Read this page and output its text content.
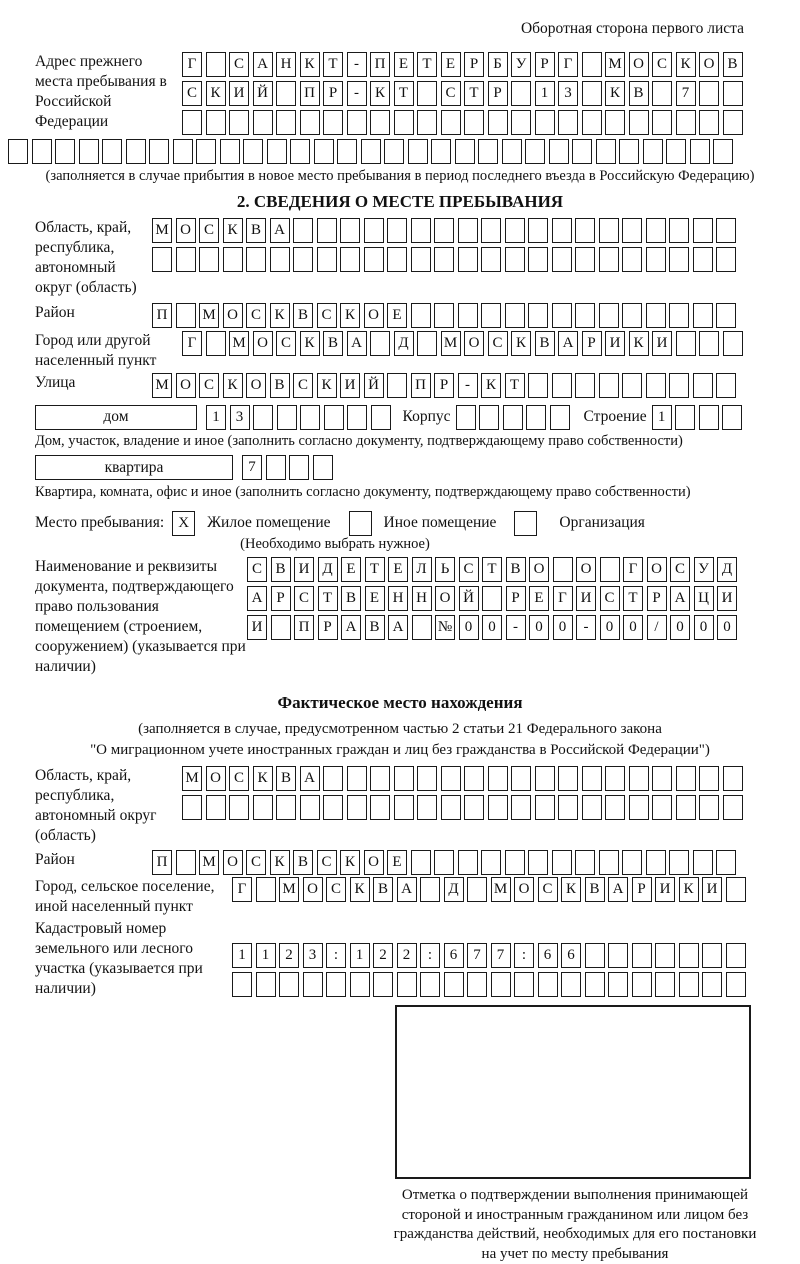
Оборотная сторона первого листа
Адрес прежнего места пребывания в Российской Федерации
Г	С А Н К Т	-	П Е Т Е Р	Б У Р Г	М О С К О В
С К И Й	П Р	-	К Т	С Т Р	1	3	К В	7
(заполняется в случае прибытия в новое место пребывания в период последнего въезда в Российскую Федерацию)
2. СВЕДЕНИЯ О МЕСТЕ ПРЕБЫВАНИЯ
Область, край, республика, автономный округ (область)
М О С К В А
Район	П	М О С К В С К О Е
Город или другой населенный пункт
Г	М О С К В А	Д	М О С К В А Р И К И
Улица	М О С К О В С К И Й	П Р	-	К Т
дом	1	3	Корпус	Строение 1
Дом, участок, владение и иное (заполнить согласно документу, подтверждающему право собственности)
квартира	7
Квартира, комната, офис и иное (заполнить согласно документу, подтверждающему право собственности)
Место пребывания: X	Жилое помещение	Иное помещение	Организация
(Необходимо выбрать нужное)
Наименование и реквизиты документа, подтверждающего право пользования помещением (строением, сооружением) (указывается при наличии)
С В И Д Е Т Е Л Ь С Т В О	О	Г О С У Д
А Р С Т В Е Н Н О Й	Р Е Г И С Т Р А Ц И
И	П Р А В А	№ 0	0	-	0	0	-	0	0	/	0	0	0
Фактическое место нахождения
(заполняется в случае, предусмотренном частью 2 статьи 21 Федерального закона
"О миграционном учете иностранных граждан и лиц без гражданства в Российской Федерации")
Область, край, республика, автономный округ (область)
М О С К В А
Район	П	М О С К В С К О Е
Город, сельское поселение, иной населенный пункт
Г	М О С К В А	Д	М О С К В А Р И К И
Кадастровый номер земельного или лесного участка (указывается при наличии)
1	1	2	3	:	1	2	2	:	6	7	7	:	6	6
Отметка о подтверждении выполнения принимающей стороной и иностранным гражданином или лицом без гражданства действий, необходимых для его постановки на учет по месту пребывания
